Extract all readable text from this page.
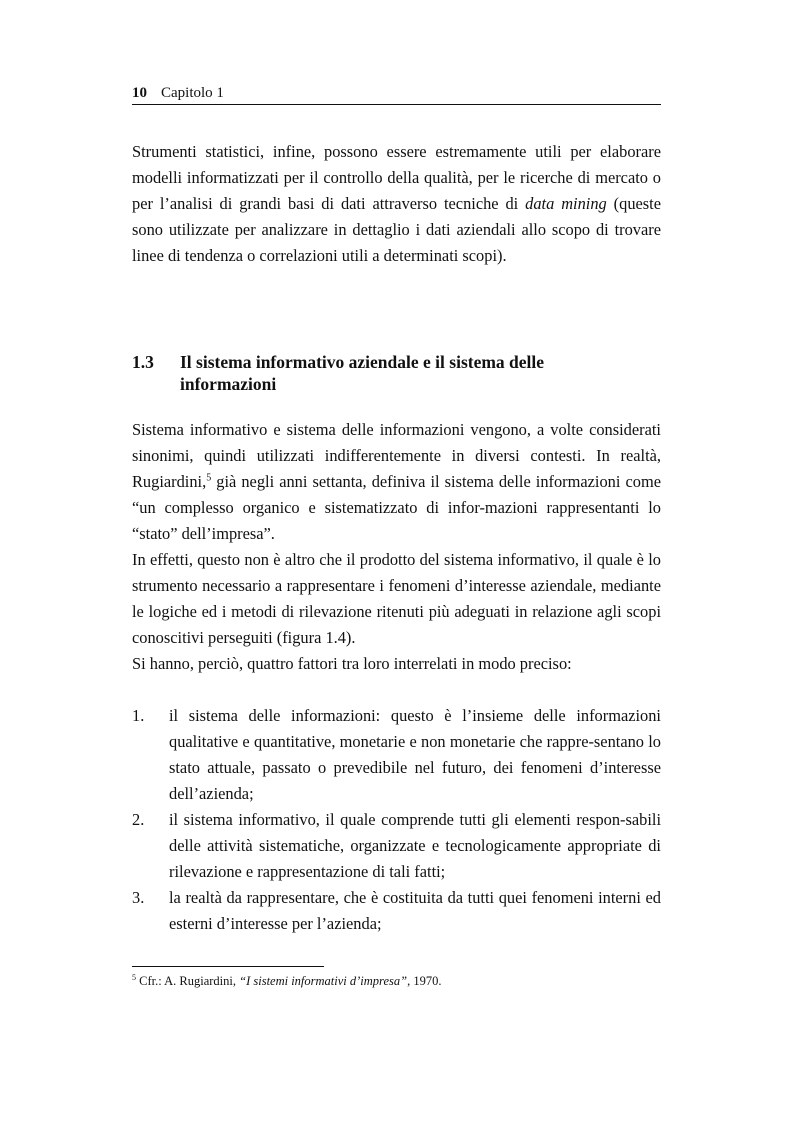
10 Capitolo 1

Strumenti statistici, infine, possono essere estremamente utili per elaborare modelli informatizzati per il controllo della qualità, per le ricerche di mercato o per l’analisi di grandi basi di dati attraverso tecniche di data mining (queste sono utilizzate per analizzare in dettaglio i dati aziendali allo scopo di trovare linee di tendenza o correlazioni utili a determinati scopi).

1.3	Il sistema informativo aziendale e il sistema delle informazioni

Sistema informativo e sistema delle informazioni vengono, a volte considerati sinonimi, quindi utilizzati indifferentemente in diversi contesti. In realtà, Rugiardini,$^5$ già negli anni settanta, definiva il sistema delle informazioni come “un complesso organico e sistematizzato di infor-mazioni rappresentanti lo “stato” dell’impresa”.

In effetti, questo non è altro che il prodotto del sistema informativo, il quale è lo strumento necessario a rappresentare i fenomeni d’interesse aziendale, mediante le logiche ed i metodi di rilevazione ritenuti più adeguati in relazione agli scopi conoscitivi perseguiti (figura 1.4).

Si hanno, perciò, quattro fattori tra loro interrelati in modo preciso:

1.	il sistema delle informazioni: questo è l’insieme delle informazioni qualitative e quantitative, monetarie e non monetarie che rappre-sentano lo stato attuale, passato o prevedibile nel futuro, dei fenomeni d’interesse dell’azienda;
2.	il sistema informativo, il quale comprende tutti gli elementi respon-sabili delle attività sistematiche, organizzate e tecnologicamente appropriate di rilevazione e rappresentazione di tali fatti;
3.	la realtà da rappresentare, che è costituita da tutti quei fenomeni interni ed esterni d’interesse per l’azienda;
$^5$ Cfr.: A. Rugiardini, “I sistemi informativi d’impresa”, 1970.
